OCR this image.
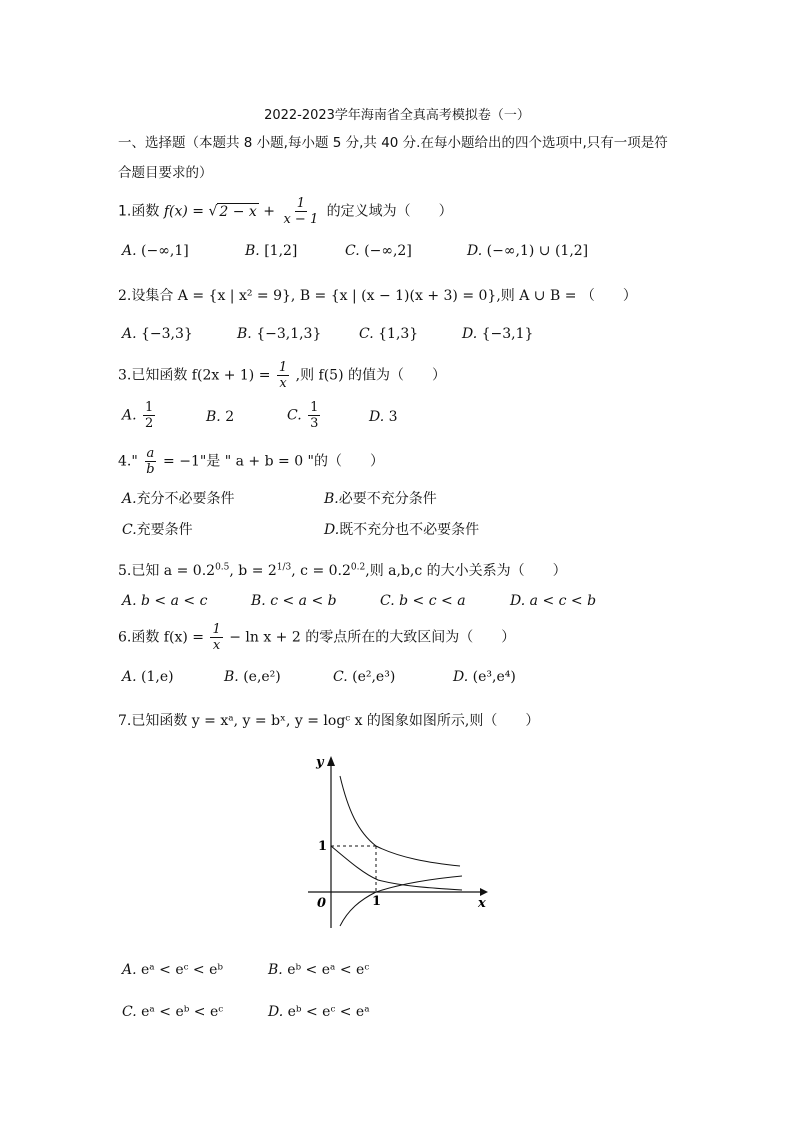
2022-2023学年海南省全真高考模拟卷（一）
一、选择题（本题共 8 小题,每小题 5 分,共 40 分.在每小题给出的四个选项中,只有一项是符
合题目要求的）
1.函数 f(x) = √ $2 - x + \frac{1}{x - 1}$ 的定义域为（　　）
A. (−∞,1]	B. [1,2]	C. (−∞,2]	D. (−∞,1) ∪ (1,2]
2.设集合 A = {x | x² = 9}, B = {x | (x − 1)(x + 3) = 0},则 A ∪ B = （　　）
A. {−3,3}	B. {−3,1,3}	C. {1,3}	D. {−3,1}
3.已知函数 $f(2x + 1) = \frac{1}{x}$ ,则 f(5) 的值为（　　）
A. $\frac{1}{2}$	B. 2	C. $\frac{1}{3}$	D. 3
4." $\frac{a}{b} = -1$"是 " a + b = 0 "的（　　）
A.充分不必要条件	B.必要不充分条件
C.充要条件	D.既不充分也不必要条件
5.已知 $a = 0.2^{0.5}$, $b = 2^{1/3}$, $c = 0.2^{0.2}$,则 a,b,c 的大小关系为（　　）
A. b < a < c	B. c < a < b	C. b < c < a	D. a < c < b
6.函数 $f(x) = \frac{1}{x} - \ln x + 2$ 的零点所在的大致区间为（　　）
A. (1,e)	B. (e,e²)	C. (e²,e³)	D. (e³,e⁴)
7.已知函数 y = xᵃ, y = bˣ, y = logᶜ x 的图象如图所示,则（　　）
y
x
0
1
1
A. eᵃ < eᶜ < eᵇ	B. eᵇ < eᵃ < eᶜ
C. eᵃ < eᵇ < eᶜ	D. eᵇ < eᶜ < eᵃ
